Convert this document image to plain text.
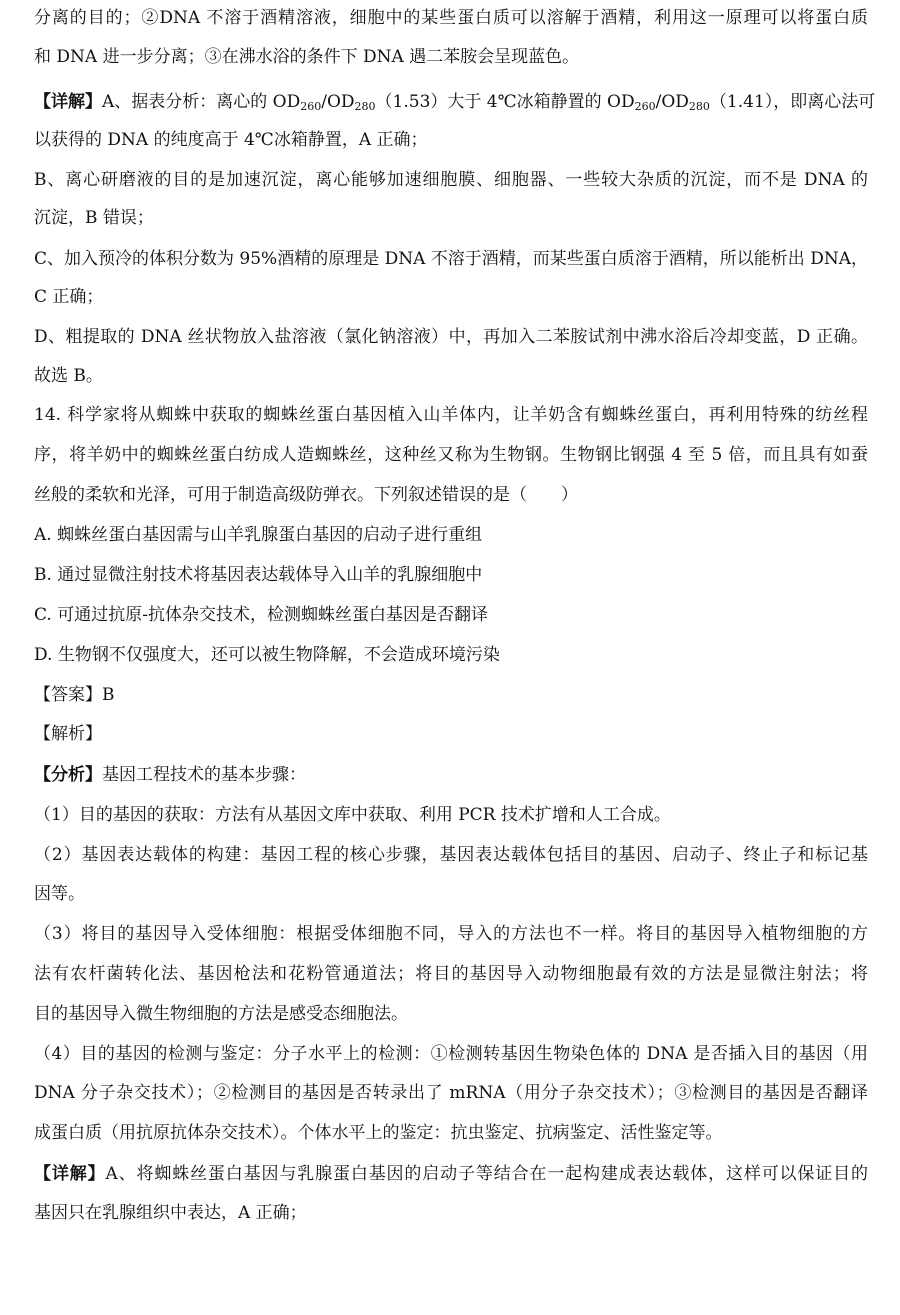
分离的目的；②DNA 不溶于酒精溶液，细胞中的某些蛋白质可以溶解于酒精，利用这一原理可以将蛋白质
和 DNA 进一步分离；③在沸水浴的条件下 DNA 遇二苯胺会呈现蓝色。
【详解】A、据表分析：离心的 $OD_{260}/OD_{280}(1.53)$大于 4℃冰箱静置的 $OD_{260}/OD_{280}(1.41)$，即离心法可
以获得的 DNA 的纯度高于 4℃冰箱静置，A 正确；
B、离心研磨液的目的是加速沉淀，离心能够加速细胞膜、细胞器、一些较大杂质的沉淀，而不是 DNA 的
沉淀，B 错误；
C、加入预冷的体积分数为 95%酒精的原理是 DNA 不溶于酒精，而某些蛋白质溶于酒精，所以能析出 DNA，
C 正确；
D、粗提取的 DNA 丝状物放入盐溶液（氯化钠溶液）中，再加入二苯胺试剂中沸水浴后冷却变蓝，D 正确。
故选 B。
14. 科学家将从蜘蛛中获取的蜘蛛丝蛋白基因植入山羊体内，让羊奶含有蜘蛛丝蛋白，再利用特殊的纺丝程
序，将羊奶中的蜘蛛丝蛋白纺成人造蜘蛛丝，这种丝又称为生物钢。生物钢比钢强 4 至 5 倍，而且具有如蚕
丝般的柔软和光泽，可用于制造高级防弹衣。下列叙述错误的是（　　）
A. 蜘蛛丝蛋白基因需与山羊乳腺蛋白基因的启动子进行重组
B. 通过显微注射技术将基因表达载体导入山羊的乳腺细胞中
C. 可通过抗原-抗体杂交技术，检测蜘蛛丝蛋白基因是否翻译
D. 生物钢不仅强度大，还可以被生物降解，不会造成环境污染
【答案】B
【解析】
【分析】基因工程技术的基本步骤：
（1）目的基因的获取：方法有从基因文库中获取、利用 PCR 技术扩增和人工合成。
（2）基因表达载体的构建：基因工程的核心步骤，基因表达载体包括目的基因、启动子、终止子和标记基
因等。
（3）将目的基因导入受体细胞：根据受体细胞不同，导入的方法也不一样。将目的基因导入植物细胞的方
法有农杆菌转化法、基因枪法和花粉管通道法；将目的基因导入动物细胞最有效的方法是显微注射法；将
目的基因导入微生物细胞的方法是感受态细胞法。
（4）目的基因的检测与鉴定：分子水平上的检测：①检测转基因生物染色体的 DNA 是否插入目的基因（用
DNA 分子杂交技术）；②检测目的基因是否转录出了 mRNA（用分子杂交技术）；③检测目的基因是否翻译
成蛋白质（用抗原抗体杂交技术）。个体水平上的鉴定：抗虫鉴定、抗病鉴定、活性鉴定等。
【详解】A、将蜘蛛丝蛋白基因与乳腺蛋白基因的启动子等结合在一起构建成表达载体，这样可以保证目的
基因只在乳腺组织中表达，A 正确；
